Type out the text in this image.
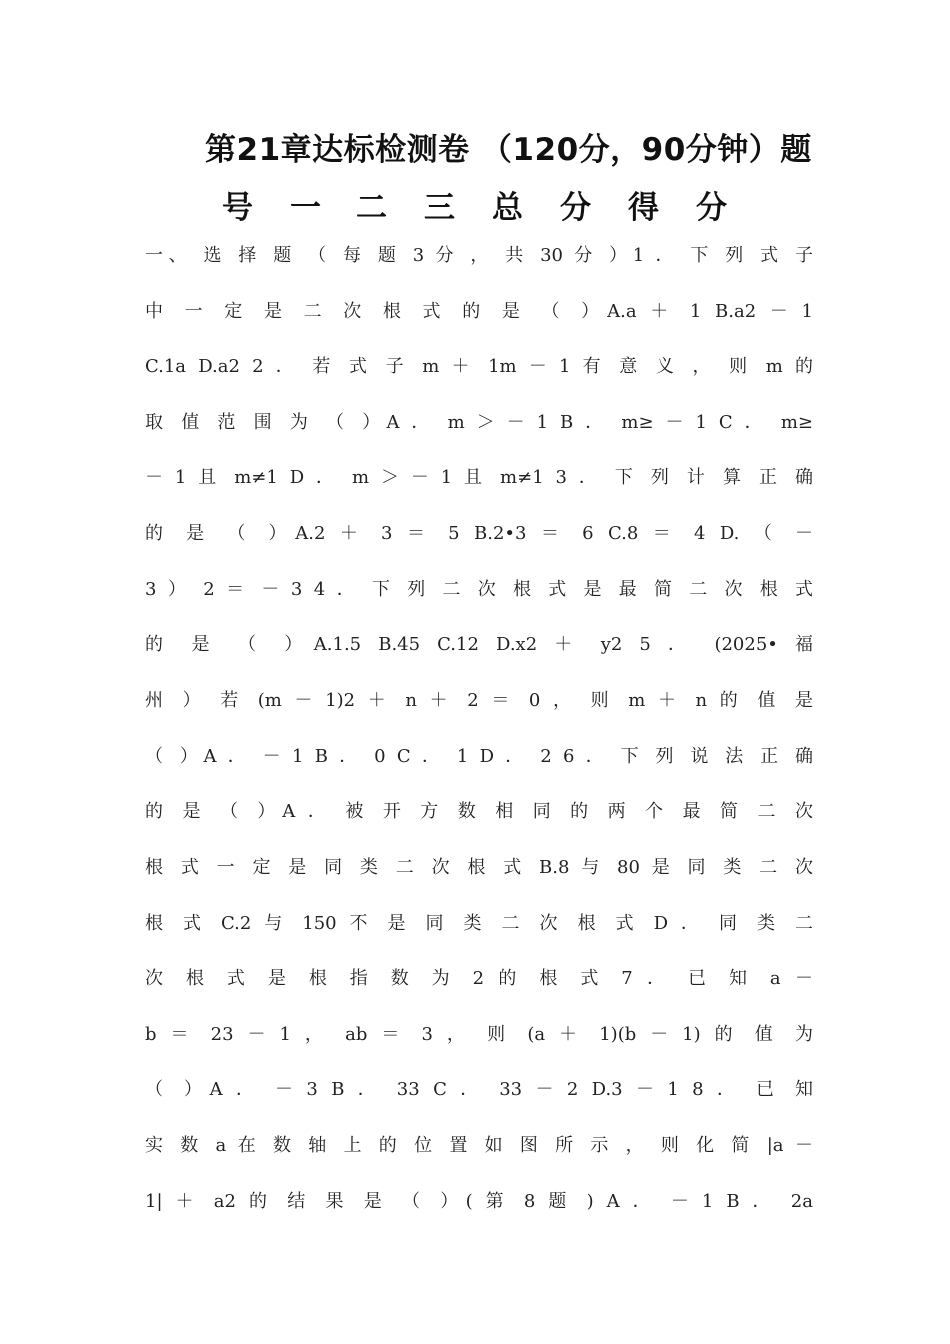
第21章达标检测卷 （120分，90分钟）题
号 一 二 三 总 分 得 分
一、 选 择 题 （ 每 题 3 分 ， 共 30 分 ）1 ． 下 列 式 子
中 一 定 是 二 次 根 式 的 是 （ ）A.a ＋ 1 B.a2 － 1
C.1a D.a2 2 ． 若 式 子 m ＋ 1m － 1 有 意 义 ， 则 m 的
取 值 范 围 为 （ ）A ． m ＞ － 1 B ． m≥ － 1 C ． m≥
－ 1 且 m≠1 D ． m ＞ － 1 且 m≠1 3 ． 下 列 计 算 正 确
的 是 （ ）A.2 ＋ 3 ＝ 5 B.2•3 ＝ 6 C.8 ＝ 4 D. （ －
3 ） 2 ＝ － 3 4 ． 下 列 二 次 根 式 是 最 简 二 次 根 式
的 是 （ ）A.1.5 B.45 C.12 D.x2 ＋ y2 5 ． (2025• 福
州 ） 若 (m － 1)2 ＋ n ＋ 2 ＝ 0 ， 则 m ＋ n 的 值 是
（ ）A ． － 1 B ． 0 C ． 1 D ． 2 6 ． 下 列 说 法 正 确
的 是 （ ）A ． 被 开 方 数 相 同 的 两 个 最 简 二 次
根 式 一 定 是 同 类 二 次 根 式 B.8 与 80 是 同 类 二 次
根 式 C.2 与 150 不 是 同 类 二 次 根 式 D ． 同 类 二
次 根 式 是 根 指 数 为 2 的 根 式 7 ． 已 知 a －
b ＝ 23 － 1 ， ab ＝ 3 ， 则 (a ＋ 1)(b － 1) 的 值 为
（ ）A ． － 3 B ． 33 C ． 33 － 2 D.3 － 1 8 ． 已 知
实 数 a 在 数 轴 上 的 位 置 如 图 所 示 ， 则 化 简 |a －
1| ＋ a2 的 结 果 是 （ ）( 第 8 题 ) A ． － 1 B ． 2a
